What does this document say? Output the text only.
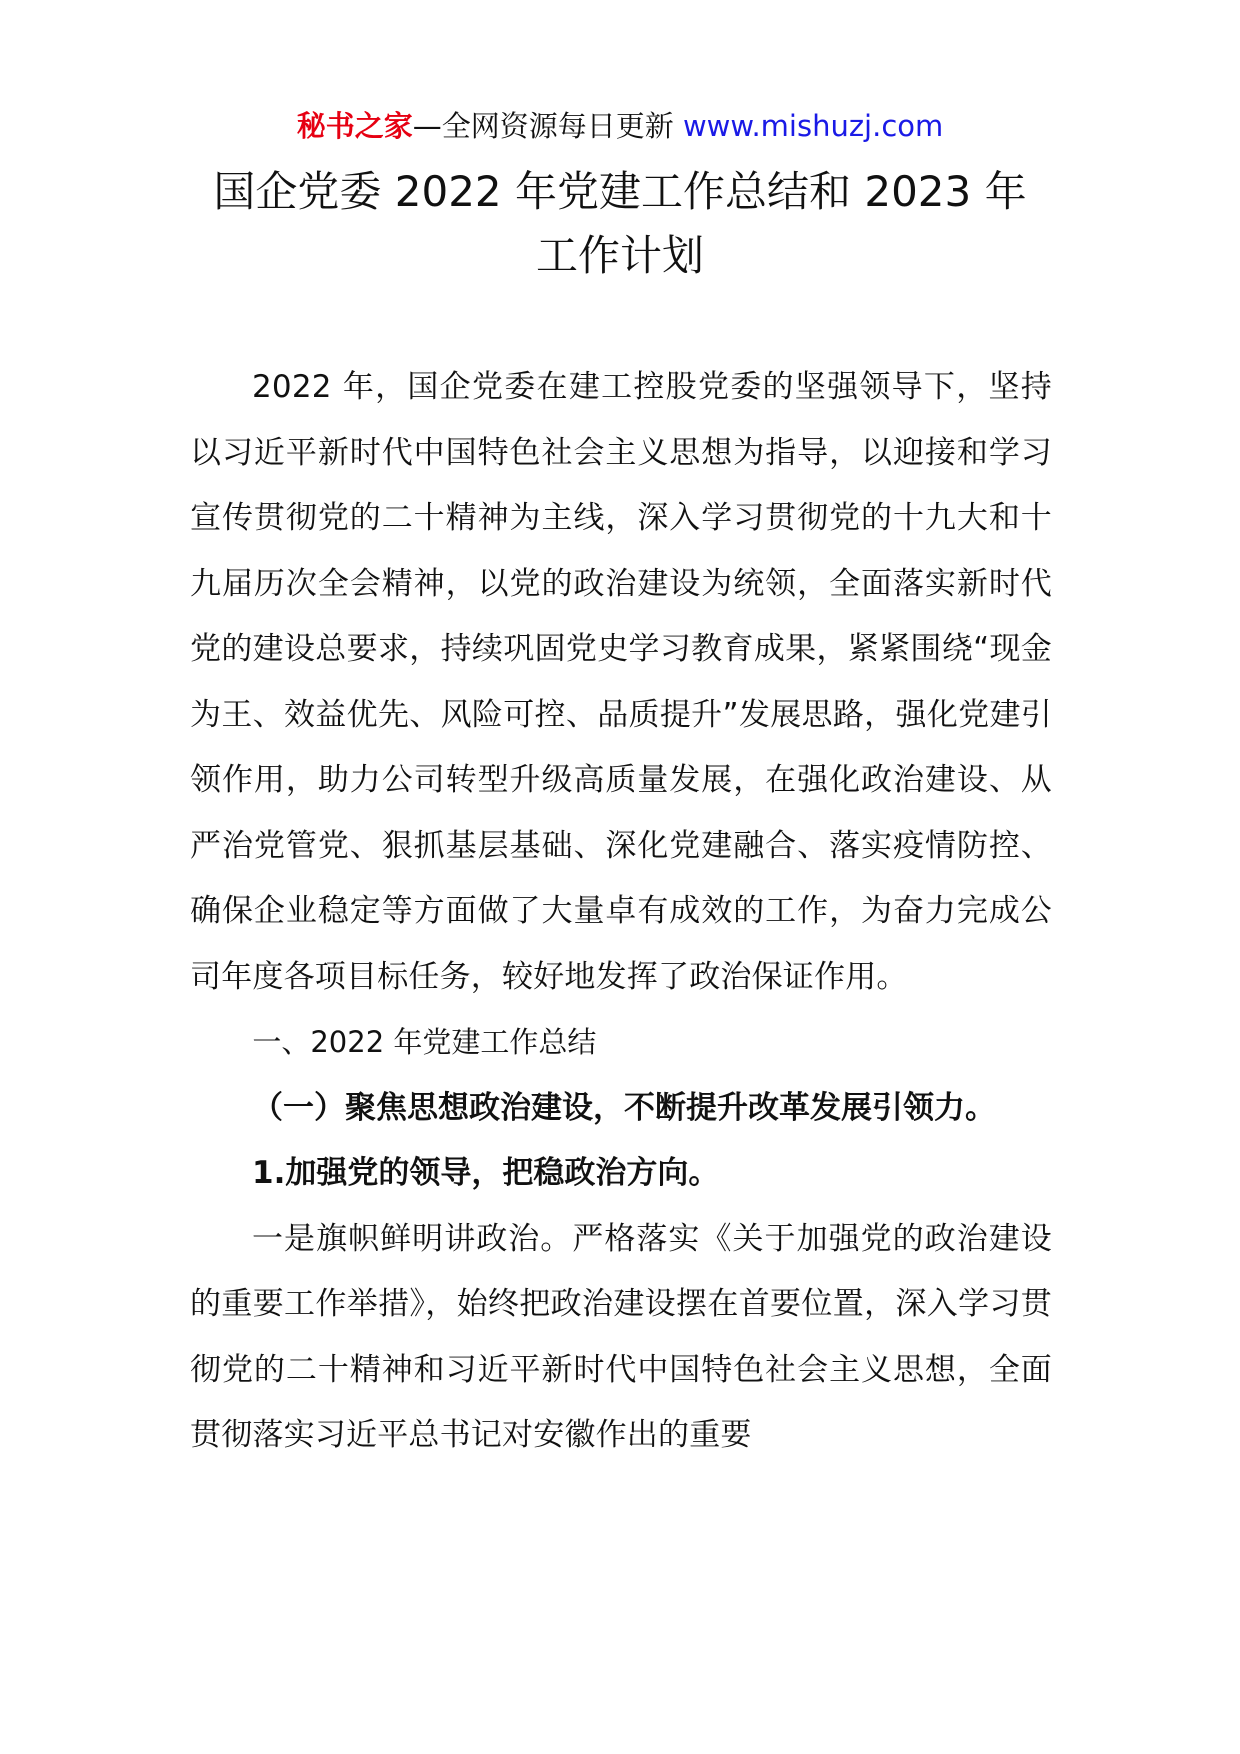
秘书之家—全网资源每日更新 www.mishuzj.com
国企党委 2022 年党建工作总结和 2023 年
工作计划

2022 年，国企党委在建工控股党委的坚强领导下，坚持以习近平新时代中国特色社会主义思想为指导，以迎接和学习宣传贯彻党的二十精神为主线，深入学习贯彻党的十九大和十九届历次全会精神，以党的政治建设为统领，全面落实新时代党的建设总要求，持续巩固党史学习教育成果，紧紧围绕“现金为王、效益优先、风险可控、品质提升”发展思路，强化党建引领作用，助力公司转型升级高质量发展，在强化政治建设、从严治党管党、狠抓基层基础、深化党建融合、落实疫情防控、确保企业稳定等方面做了大量卓有成效的工作，为奋力完成公司年度各项目标任务，较好地发挥了政治保证作用。

一、2022 年党建工作总结

（一）聚焦思想政治建设，不断提升改革发展引领力。

1.加强党的领导，把稳政治方向。

一是旗帜鲜明讲政治。严格落实《关于加强党的政治建设的重要工作举措》，始终把政治建设摆在首要位置，深入学习贯彻党的二十精神和习近平新时代中国特色社会主义思想，全面贯彻落实习近平总书记对安徽作出的重要
